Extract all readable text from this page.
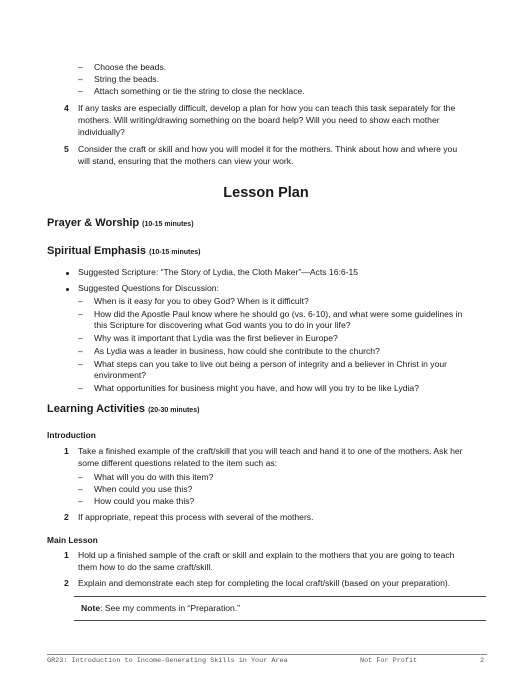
– Choose the beads.
– String the beads.
– Attach something or tie the string to close the necklace.
4 If any tasks are especially difficult, develop a plan for how you can teach this task separately for the
mothers. Will writing/drawing something on the board help? Will you need to show each mother
individually?
5 Consider the craft or skill and how you will model it for the mothers. Think about how and where you
will stand, ensuring that the mothers can view your work.
Lesson Plan
Prayer & Worship (10-15 minutes)
Spiritual Emphasis (10-15 minutes)
Suggested Scripture: “The Story of Lydia, the Cloth Maker”—Acts 16:6-15
Suggested Questions for Discussion:
– When is it easy for you to obey God? When is it difficult?
– How did the Apostle Paul know where he should go (vs. 6-10), and what were some guidelines in
this Scripture for discovering what God wants you to do in your life?
– Why was it important that Lydia was the first believer in Europe?
– As Lydia was a leader in business, how could she contribute to the church?
– What steps can you take to live out being a person of integrity and a believer in Christ in your
environment?
– What opportunities for business might you have, and how will you try to be like Lydia?
Learning Activities (20-30 minutes)
Introduction
1 Take a finished example of the craft/skill that you will teach and hand it to one of the mothers. Ask her
some different questions related to the item such as:
– What will you do with this item?
– When could you use this?
– How could you make this?
2 If appropriate, repeat this process with several of the mothers.
Main Lesson
1 Hold up a finished sample of the craft or skill and explain to the mothers that you are going to teach
them how to do the same craft/skill.
2 Explain and demonstrate each step for completing the local craft/skill (based on your preparation).
Note: See my comments in “Preparation.”
GR23: Introduction to Income-Generating Skills in Your Area	Not For Profit	2
